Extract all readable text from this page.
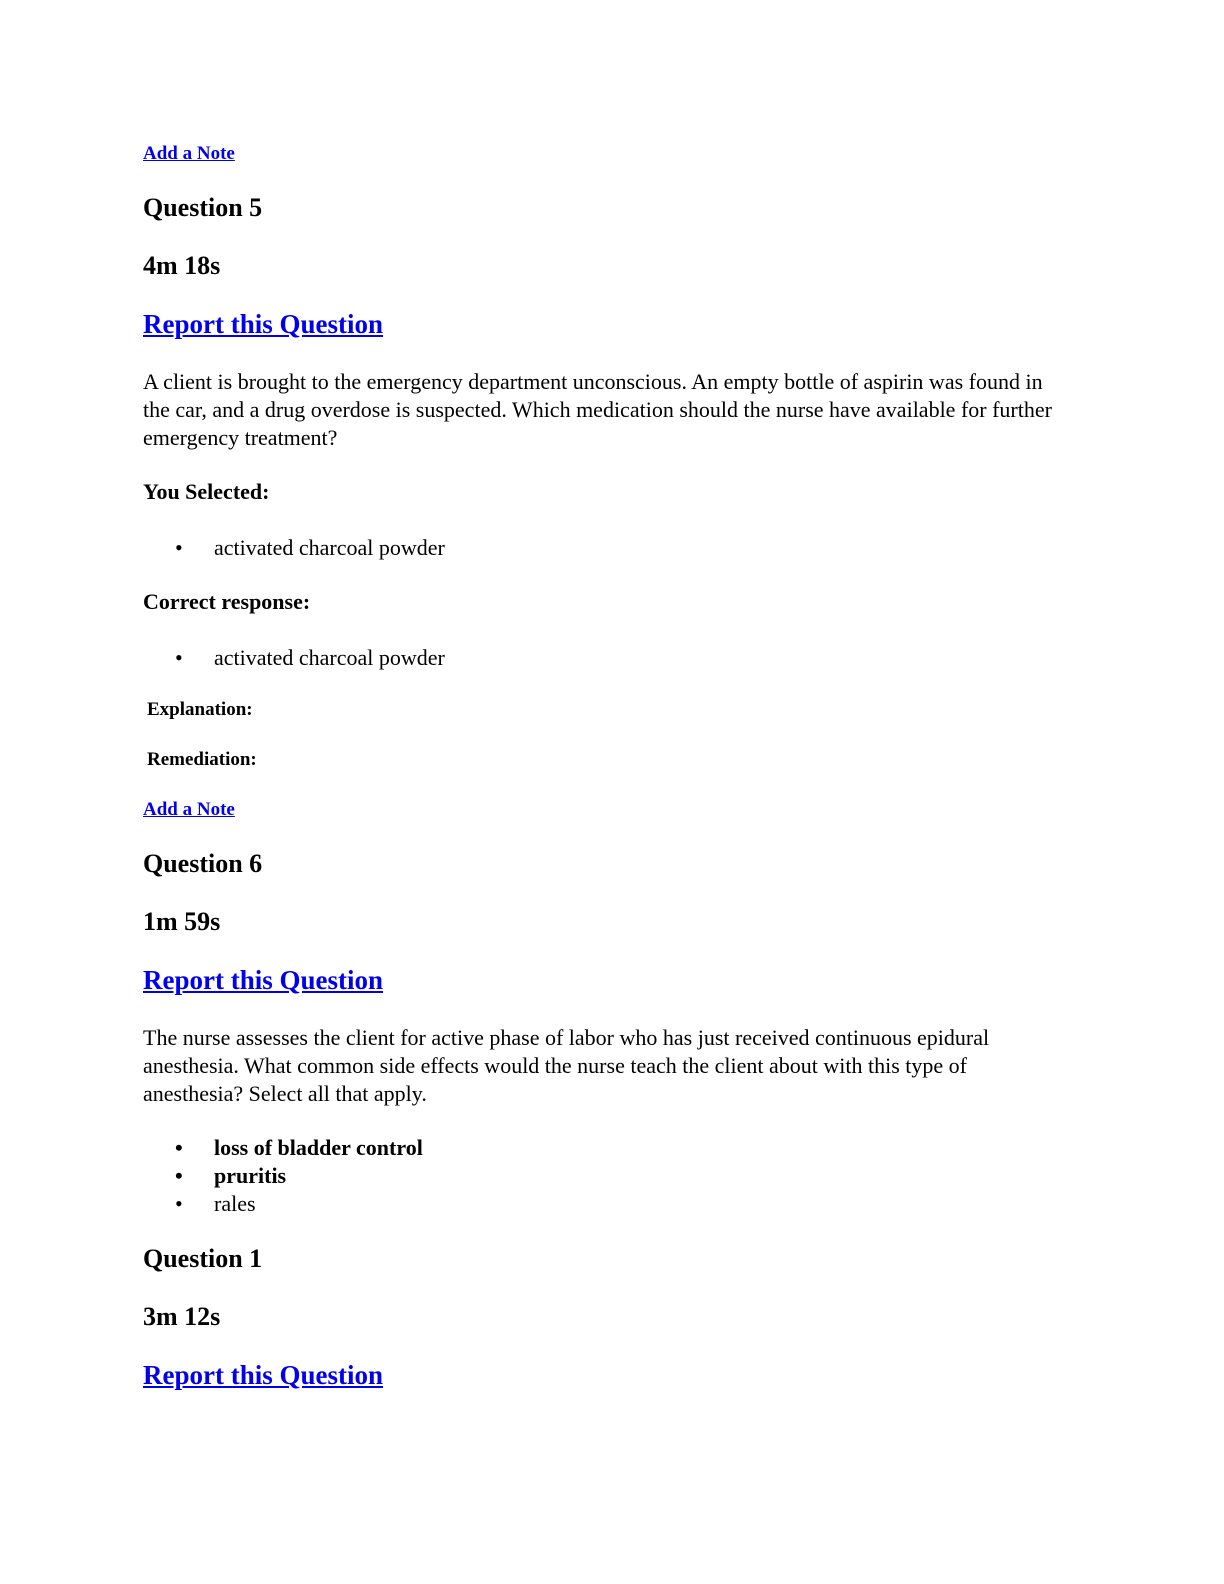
Add a Note
Question 5
4m 18s
Report this Question

A client is brought to the emergency department unconscious. An empty bottle of aspirin was found in the car, and a drug overdose is suspected. Which medication should the nurse have available for further emergency treatment?

You Selected:
• activated charcoal powder
Correct response:
• activated charcoal powder
Explanation:
Remediation:
Add a Note
Question 6
1m 59s
Report this Question

The nurse assesses the client for active phase of labor who has just received continuous epidural anesthesia. What common side effects would the nurse teach the client about with this type of anesthesia? Select all that apply.

• loss of bladder control
• pruritis
• rales
Question 1
3m 12s
Report this Question
